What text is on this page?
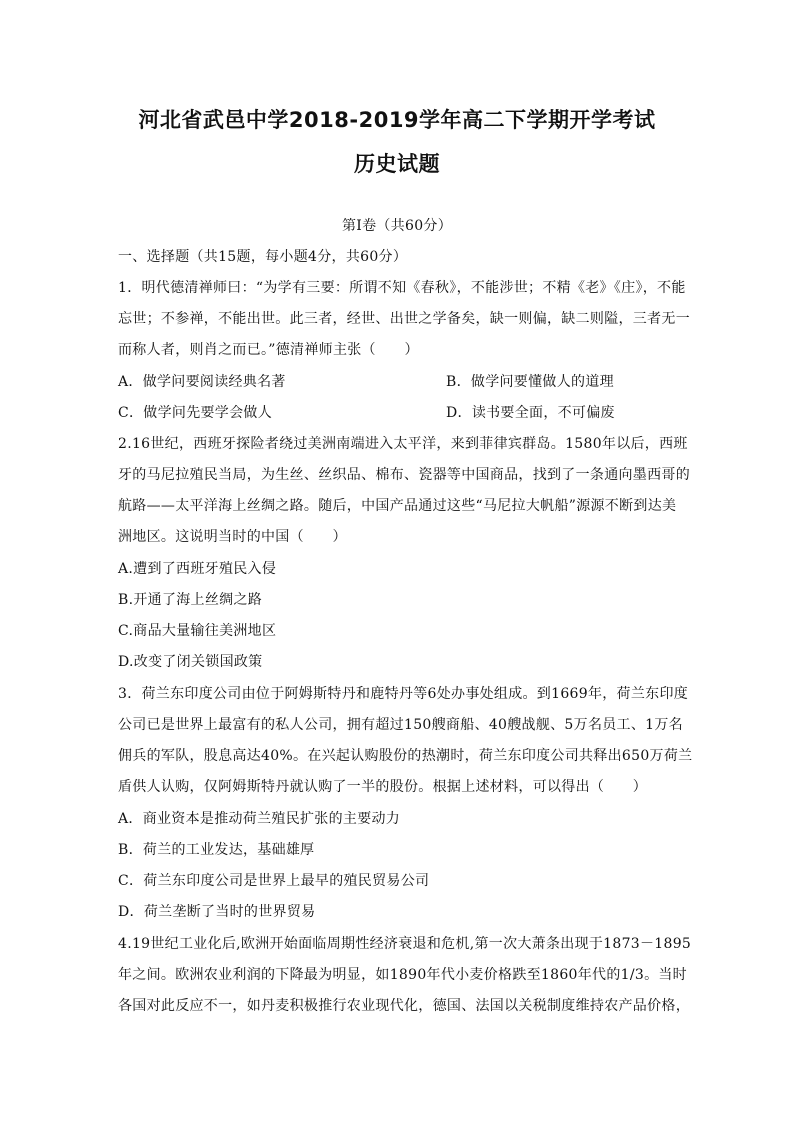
河北省武邑中学2018-2019学年高二下学期开学考试
历史试题
第Ⅰ卷（共60分）
一、选择题（共15题，每小题4分，共60分）
1．明代德清禅师曰：“为学有三要：所谓不知《春秋》，不能涉世；不精《老》《庄》，不能
忘世；不参禅，不能出世。此三者，经世、出世之学备矣，缺一则偏，缺二则隘，三者无一
而称人者，则肖之而已。”德清禅师主张（　　）
A．做学问要阅读经典名著	B．做学问要懂做人的道理
C．做学问先要学会做人	D．读书要全面，不可偏废
2.16世纪，西班牙探险者绕过美洲南端进入太平洋，来到菲律宾群岛。1580年以后，西班
牙的马尼拉殖民当局，为生丝、丝织品、棉布、瓷器等中国商品，找到了一条通向墨西哥的
航路——太平洋海上丝绸之路。随后，中国产品通过这些“马尼拉大帆船”源源不断到达美
洲地区。这说明当时的中国（　　）
A.遭到了西班牙殖民入侵
B.开通了海上丝绸之路
C.商品大量输往美洲地区
D.改变了闭关锁国政策
3．荷兰东印度公司由位于阿姆斯特丹和鹿特丹等6处办事处组成。到1669年，荷兰东印度
公司已是世界上最富有的私人公司，拥有超过150艘商船、40艘战舰、5万名员工、1万名
佣兵的军队，股息高达40%。在兴起认购股份的热潮时，荷兰东印度公司共释出650万荷兰
盾供人认购，仅阿姆斯特丹就认购了一半的股份。根据上述材料，可以得出（　　）
A．商业资本是推动荷兰殖民扩张的主要动力
B．荷兰的工业发达，基础雄厚
C．荷兰东印度公司是世界上最早的殖民贸易公司
D．荷兰垄断了当时的世界贸易
4.19世纪工业化后,欧洲开始面临周期性经济衰退和危机,第一次大萧条出现于1873－1895
年之间。欧洲农业利润的下降最为明显，如1890年代小麦价格跌至1860年代的1/3。当时
各国对此反应不一，如丹麦积极推行农业现代化，德国、法国以关税制度维持农产品价格，
